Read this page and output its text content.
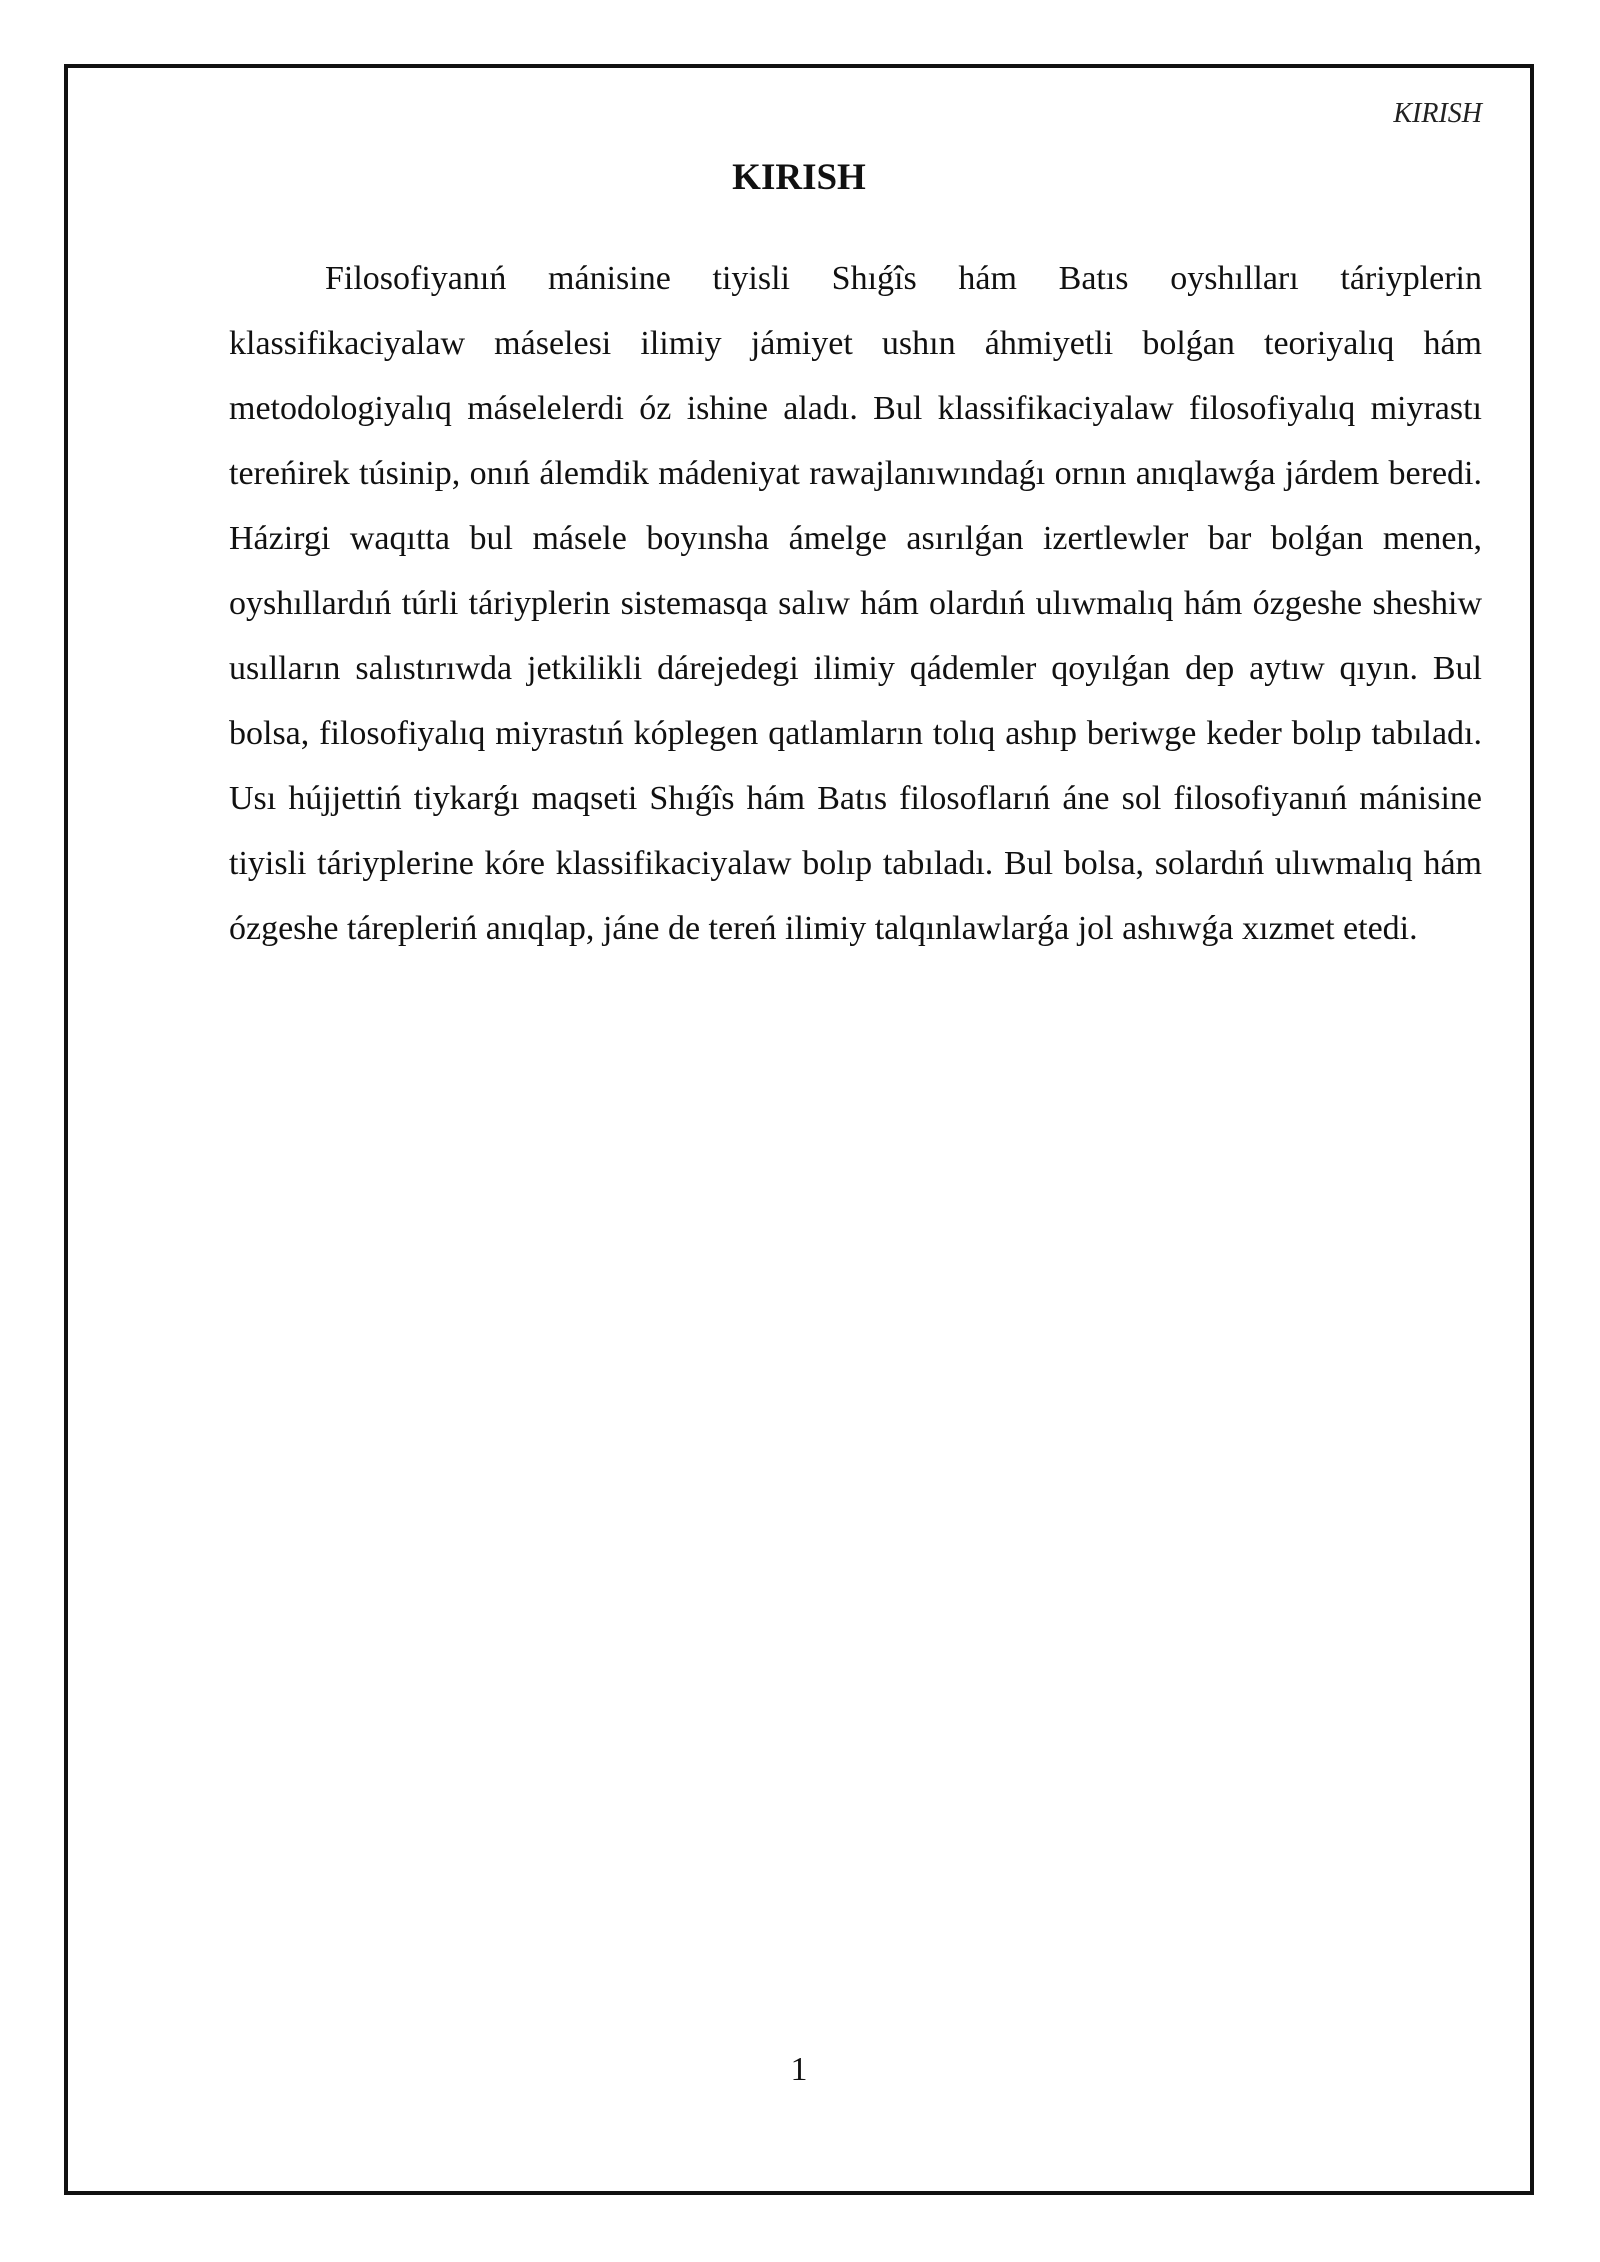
KIRISH
KIRISH

Filosofiyanıń mánisine tiyisli Shıǵîs hám Batıs oyshılları táriyplerin klassifikaciyalaw máselesi ilimiy jámiyet ushın áhmiyetli bolǵan teoriyalıq hám metodologiyalıq máselelerdi óz ishine aladı. Bul klassifikaciyalaw filosofiyalıq miyrastı tereńirek túsinip, onıń álemdik mádeniyat rawajlanıwındaǵı ornın anıqlawǵa járdem beredi. Házirgi waqıtta bul másele boyınsha ámelge asırılǵan izertlewler bar bolǵan menen, oyshıllardıń túrli táriyplerin sistemasqa salıw hám olardıń ulıwmalıq hám ózgeshe sheshiw usılların salıstırıwda jetkilikli dárejedegi ilimiy qádemler qoyılǵan dep aytıw qıyın. Bul bolsa, filosofiyalıq miyrastıń kóplegen qatlamların tolıq ashıp beriwge keder bolıp tabıladı. Usı hújjettiń tiykarǵı maqseti Shıǵîs hám Batıs filosoflarıń áne sol filosofiyanıń mánisine tiyisli táriyplerine kóre klassifikaciyalaw bolıp tabıladı. Bul bolsa, solardıń ulıwmalıq hám ózgeshe tárepleriń anıqlap, jáne de tereń ilimiy talqınlawlarǵa jol ashıwǵa xızmet etedi.

1
